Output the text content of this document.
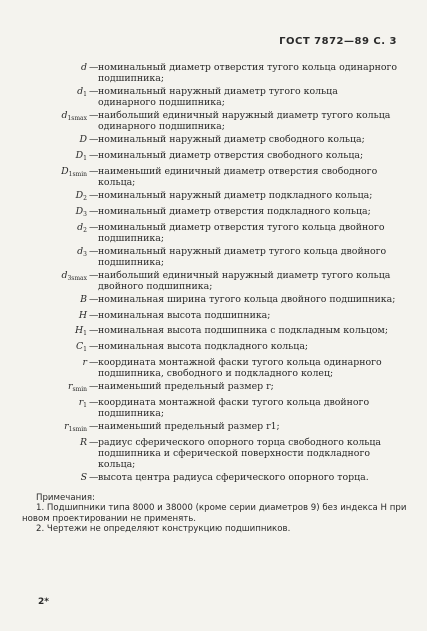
ГОСТ 7872—89 С. 3
d — номинальный диаметр отверстия тугого кольца одинарного подшипника;
$d_1$ — номинальный наружный диаметр тугого кольца одинарного подшипника;
$d_{1smax}$ — наибольший единичный наружный диаметр тугого кольца одинарного подшипника;
D — номинальный наружный диаметр свободного кольца;
$D_1$ — номинальный диаметр отверстия свободного кольца;
$D_{1smin}$ — наименьший единичный диаметр отверстия свободного кольца;
$D_2$ — номинальный наружный диаметр подкладного кольца;
$D_3$ — номинальный диаметр отверстия подкладного кольца;
$d_2$ — номинальный диаметр отверстия тугого кольца двойного подшипника;
$d_3$ — номинальный наружный диаметр тугого кольца двойного подшипника;
$d_{3smax}$ — наибольший единичный наружный диаметр тугого кольца двойного подшипника;
B — номинальная ширина тугого кольца двойного подшипника;
H — номинальная высота подшипника;
$H_1$ — номинальная высота подшипника с подкладным кольцом;
$C_1$ — номинальная высота подкладного кольца;
r — координата монтажной фаски тугого кольца одинарного подшипника, свободного и подкладного колец;
$r_{smin}$ — наименьший предельный размер r;
$r_1$ — координата монтажной фаски тугого кольца двойного подшипника;
$r_{1smin}$ — наименьший предельный размер r1;
R — радиус сферического опорного торца свободного кольца подшипника и сферической поверхности подкладного кольца;
S — высота центра радиуса сферического опорного торца.
Примечания:
1. Подшипники типа 8000 и 38000 (кроме серии диаметров 9) без индекса Н при новом проектировании не применять.
2. Чертежи не определяют конструкцию подшипников.
2*
